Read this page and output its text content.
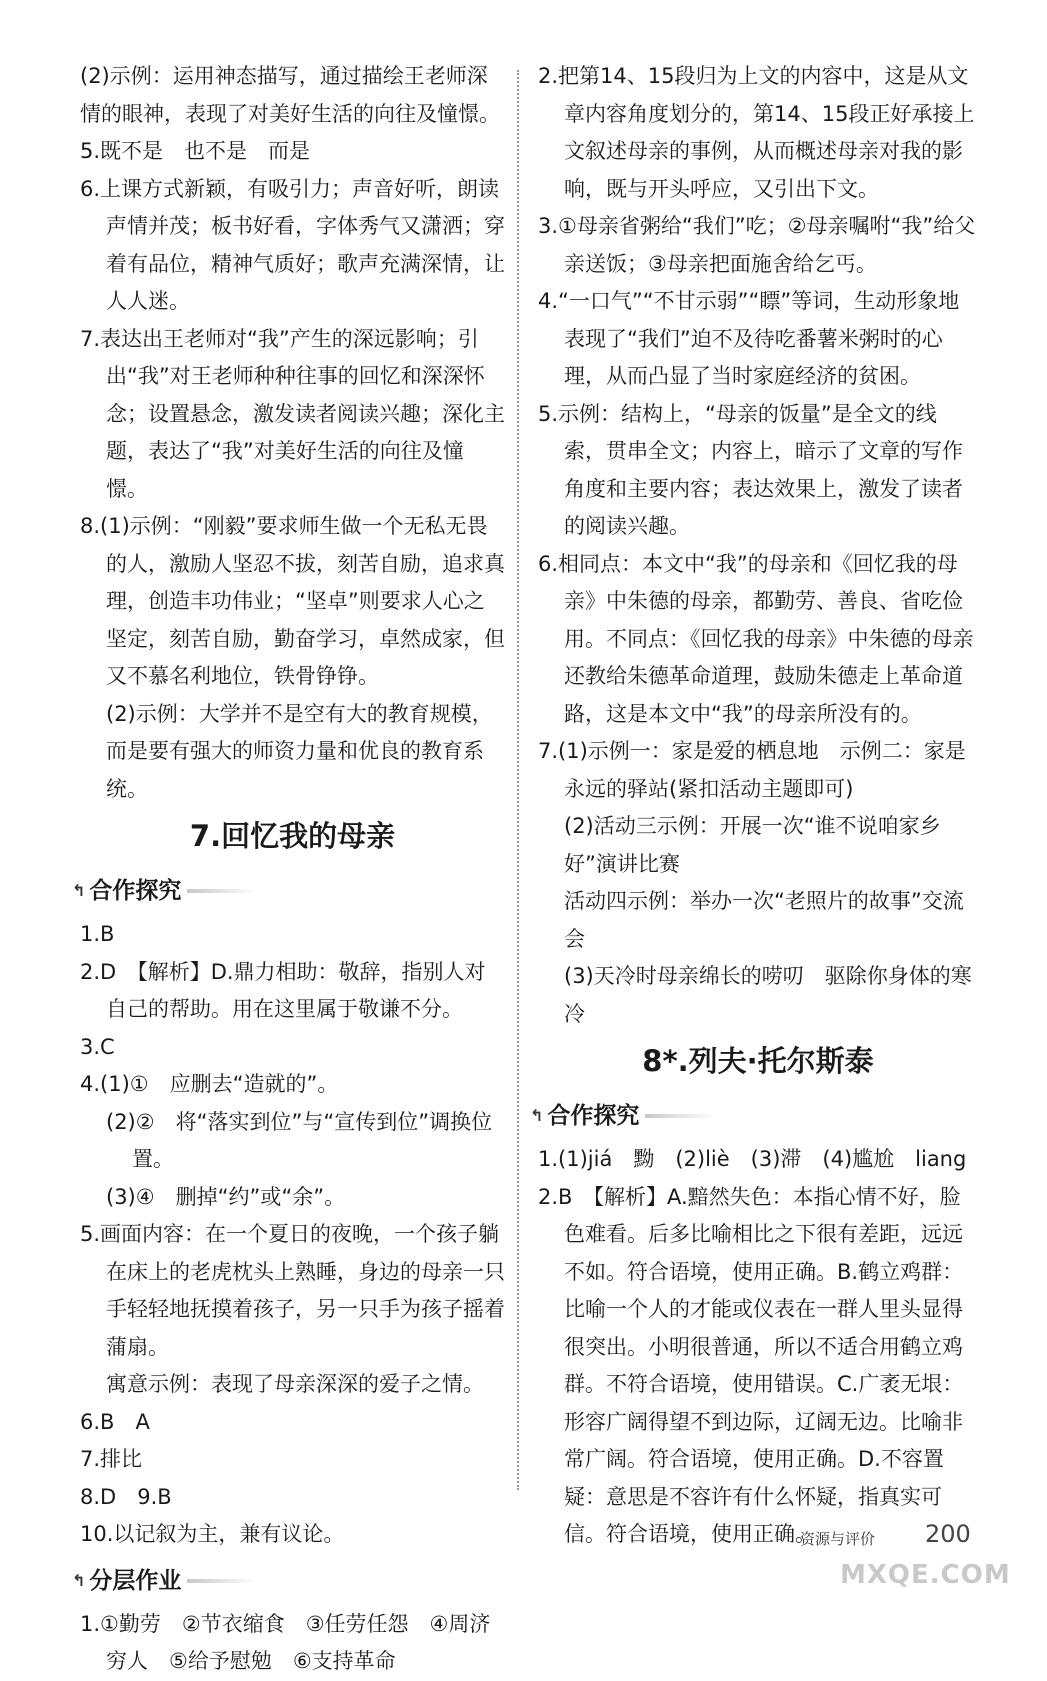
(2)示例：运用神态描写，通过描绘王老师深情的眼神，表现了对美好生活的向往及憧憬。

5.既不是　也不是　而是

6.上课方式新颖，有吸引力；声音好听，朗读声情并茂；板书好看，字体秀气又潇洒；穿着有品位，精神气质好；歌声充满深情，让人人迷。

7.表达出王老师对“我”产生的深远影响；引出“我”对王老师种种往事的回忆和深深怀念；设置悬念，激发读者阅读兴趣；深化主题，表达了“我”对美好生活的向往及憧憬。

8.(1)示例：“刚毅”要求师生做一个无私无畏的人，激励人坚忍不拔，刻苦自励，追求真理，创造丰功伟业；“坚卓”则要求人心之坚定，刻苦自励，勤奋学习，卓然成家，但又不慕名利地位，铁骨铮铮。

(2)示例：大学并不是空有大的教育规模，而是要有强大的师资力量和优良的教育系统。

7.回忆我的母亲
↰ 合作探究

1.B

2.D　【解析】D.鼎力相助：敬辞，指别人对自己的帮助。用在这里属于敬谦不分。

3.C

4.(1)①　应删去“造就的”。

(2)②　将“落实到位”与“宣传到位”调换位置。

(3)④　删掉“约”或“余”。

5.画面内容：在一个夏日的夜晚，一个孩子躺在床上的老虎枕头上熟睡，身边的母亲一只手轻轻地抚摸着孩子，另一只手为孩子摇着蒲扇。

寓意示例：表现了母亲深深的爱子之情。

6.B　A

7.排比

8.D　9.B

10.以记叙为主，兼有议论。

↰ 分层作业

1.①勤劳　②节衣缩食　③任劳任怨　④周济穷人　⑤给予慰勉　⑥支持革命

2.把第14、15段归为上文的内容中，这是从文章内容角度划分的，第14、15段正好承接上文叙述母亲的事例，从而概述母亲对我的影响，既与开头呼应，又引出下文。

3.①母亲省粥给“我们”吃；②母亲嘱咐“我”给父亲送饭；③母亲把面施舍给乞丐。

4.“一口气”“不甘示弱”“瞟”等词，生动形象地表现了“我们”迫不及待吃番薯米粥时的心理，从而凸显了当时家庭经济的贫困。

5.示例：结构上，“母亲的饭量”是全文的线索，贯串全文；内容上，暗示了文章的写作角度和主要内容；表达效果上，激发了读者的阅读兴趣。

6.相同点：本文中“我”的母亲和《回忆我的母亲》中朱德的母亲，都勤劳、善良、省吃俭用。不同点：《回忆我的母亲》中朱德的母亲还教给朱德革命道理，鼓励朱德走上革命道路，这是本文中“我”的母亲所没有的。

7.(1)示例一：家是爱的栖息地　示例二：家是永远的驿站(紧扣活动主题即可)

(2)活动三示例：开展一次“谁不说咱家乡好”演讲比赛

活动四示例：举办一次“老照片的故事”交流会

(3)天冷时母亲绵长的唠叨　驱除你身体的寒冷

8*.列夫·托尔斯泰
↰ 合作探究

1.(1)jiá　黝　(2)liè　(3)滞　(4)尴尬　liang

2.B　【解析】A.黯然失色：本指心情不好，脸色难看。后多比喻相比之下很有差距，远远不如。符合语境，使用正确。B.鹤立鸡群：比喻一个人的才能或仪表在一群人里头显得很突出。小明很普通，所以不适合用鹤立鸡群。不符合语境，使用错误。C.广袤无垠：形容广阔得望不到边际，辽阔无边。比喻非常广阔。符合语境，使用正确。D.不容置疑：意思是不容许有什么怀疑，指真实可信。符合语境，使用正确。

资源与评价 200
MXQE.COM
